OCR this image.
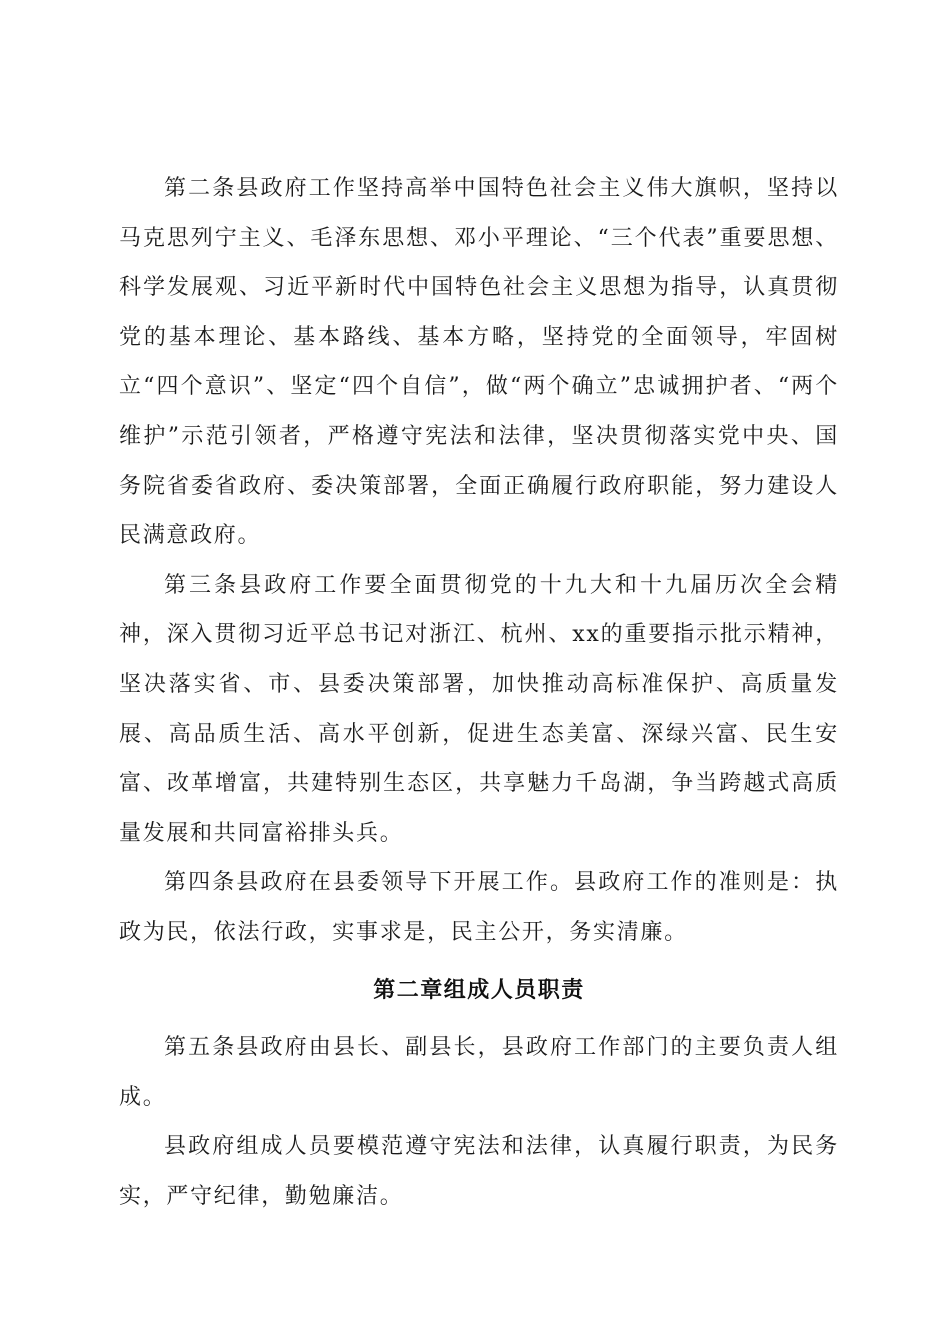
第二条县政府工作坚持高举中国特色社会主义伟大旗帜，坚持以马克思列宁主义、毛泽东思想、邓小平理论、“三个代表”重要思想、科学发展观、习近平新时代中国特色社会主义思想为指导，认真贯彻党的基本理论、基本路线、基本方略，坚持党的全面领导，牢固树立“四个意识”、坚定“四个自信”，做“两个确立”忠诚拥护者、“两个维护”示范引领者，严格遵守宪法和法律，坚决贯彻落实党中央、国务院省委省政府、委决策部署，全面正确履行政府职能，努力建设人民满意政府。

第三条县政府工作要全面贯彻党的十九大和十九届历次全会精神，深入贯彻习近平总书记对浙江、杭州、xx的重要指示批示精神，坚决落实省、市、县委决策部署，加快推动高标准保护、高质量发展、高品质生活、高水平创新，促进生态美富、深绿兴富、民生安富、改革增富，共建特别生态区，共享魅力千岛湖，争当跨越式高质量发展和共同富裕排头兵。

第四条县政府在县委领导下开展工作。县政府工作的准则是：执政为民，依法行政，实事求是，民主公开，务实清廉。

第二章组成人员职责

第五条县政府由县长、副县长，县政府工作部门的主要负责人组成。

县政府组成人员要模范遵守宪法和法律，认真履行职责，为民务实，严守纪律，勤勉廉洁。
